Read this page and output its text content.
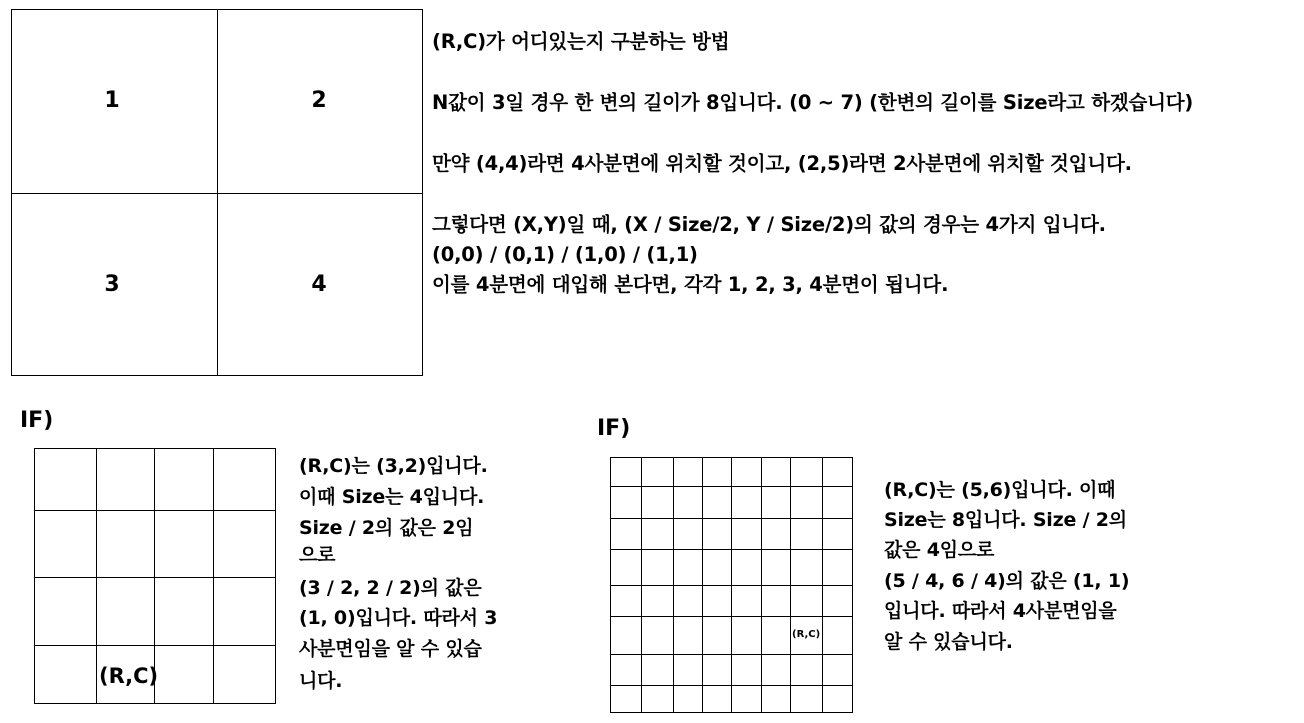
1	2
3	4
(R,C)가 어디있는지 구분하는 방법
N값이 3일 경우 한 변의 길이가 8입니다. (0 ~ 7) (한변의 길이를 Size라고 하겠습니다)
만약 (4,4)라면 4사분면에 위치할 것이고, (2,5)라면 2사분면에 위치할 것입니다.
그렇다면 (X,Y)일 때, (X / Size/2, Y / Size/2)의 값의 경우는 4가지 입니다.
(0,0) / (0,1) / (1,0) / (1,1)
이를 4분면에 대입해 본다면, 각각 1, 2, 3, 4분면이 됩니다.
IF)
(R,C)
(R,C)는 (3,2)입니다.
이때 Size는 4입니다.
Size / 2의 값은 2임
으로
(3 / 2, 2 / 2)의 값은
(1, 0)입니다. 따라서 3
사분면임을 알 수 있습
니다.
IF)
(R,C)
(R,C)는 (5,6)입니다. 이때
Size는 8입니다. Size / 2의
값은 4임으로
(5 / 4, 6 / 4)의 값은 (1, 1)
입니다. 따라서 4사분면임을
알 수 있습니다.
